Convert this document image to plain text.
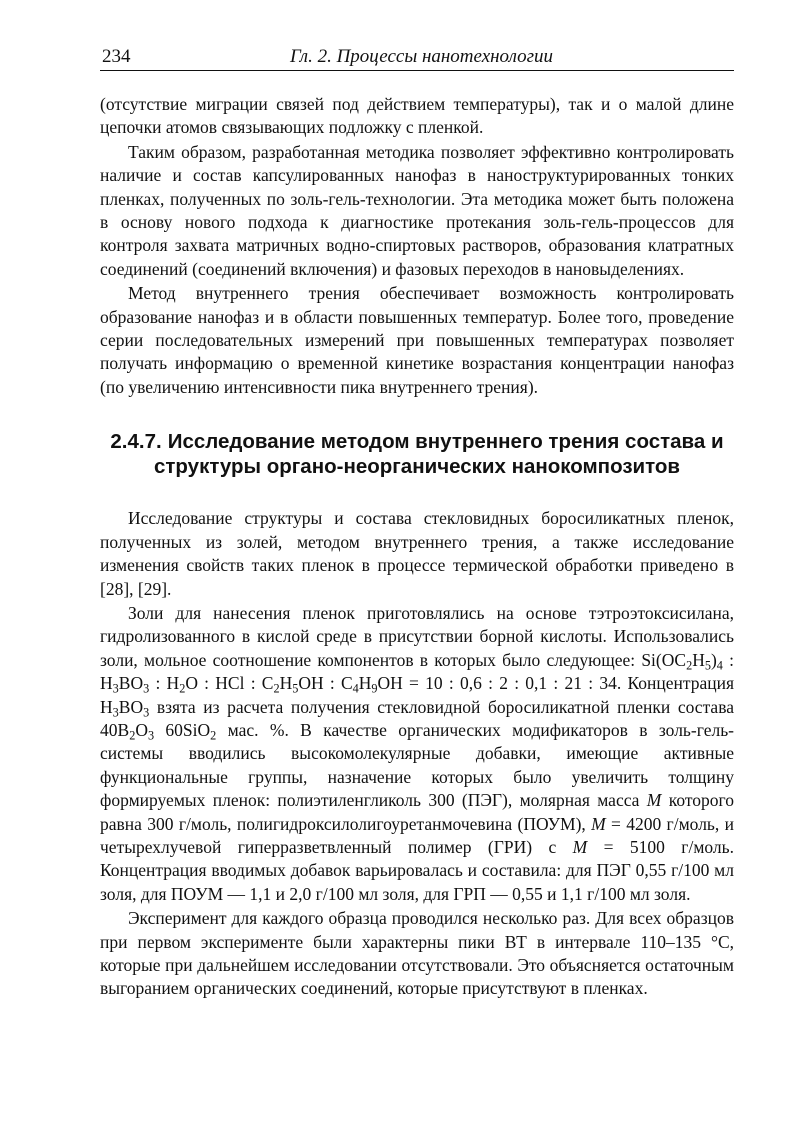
234	Гл. 2. Процессы нанотехнологии

(отсутствие миграции связей под действием температуры), так и о малой длине цепочки атомов связывающих подложку с пленкой.

Таким образом, разработанная методика позволяет эффективно контролировать наличие и состав капсулированных нанофаз в наноструктурированных тонких пленках, полученных по золь-гель-технологии. Эта методика может быть положена в основу нового подхода к диагностике протекания золь-гель-процессов для контроля захвата матричных водно-спиртовых растворов, образования клатратных соединений (соединений включения) и фазовых переходов в нановыделениях.

Метод внутреннего трения обеспечивает возможность контролировать образование нанофаз и в области повышенных температур. Более того, проведение серии последовательных измерений при повышенных температурах позволяет получать информацию о временной кинетике возрастания концентрации нанофаз (по увеличению интенсивности пика внутреннего трения).

2.4.7. Исследование методом внутреннего трения состава и структуры органо-неорганических нанокомпозитов

Исследование структуры и состава стекловидных боросиликатных пленок, полученных из золей, методом внутреннего трения, а также исследование изменения свойств таких пленок в процессе термической обработки приведено в [28], [29].

Золи для нанесения пленок приготовлялись на основе тэтроэтоксисилана, гидролизованного в кислой среде в присутствии борной кислоты. Использовались золи, мольное соотношение компонентов в которых было следующее: $Si(OC_2H_5)_4$ : $H_3BO_3$ : $H_2O$ : HCl : $C_2H_5OH$ : $C_4H_9OH = 10$ : 0,6 : 2 : 0,1 : 21 : 34. Концентрация $H_3BO_3$ взята из расчета получения стекловидной боросиликатной пленки состава $40B_2O_3$ 60SiO$_2$ мас. %. В качестве органических модификаторов в золь-гель-системы вводились высокомолекулярные добавки, имеющие активные функциональные группы, назначение которых было увеличить толщину формируемых пленок: полиэтиленгликоль 300 (ПЭГ), молярная масса M которого равна 300 г/моль, полигидроксилолигоуретанмочевина (ПОУМ), M = 4200 г/моль, и четырехлучевой гиперразветвленный полимер (ГРИ) с M = 5100 г/моль. Концентрация вводимых добавок варьировалась и составила: для ПЭГ 0,55 г/100 мл золя, для ПОУМ — 1,1 и 2,0 г/100 мл золя, для ГРП — 0,55 и 1,1 г/100 мл золя.

Эксперимент для каждого образца проводился несколько раз. Для всех образцов при первом эксперименте были характерны пики ВТ в интервале 110–135 °С, которые при дальнейшем исследовании отсутствовали. Это объясняется остаточным выгоранием органических соединений, которые присутствуют в пленках.
